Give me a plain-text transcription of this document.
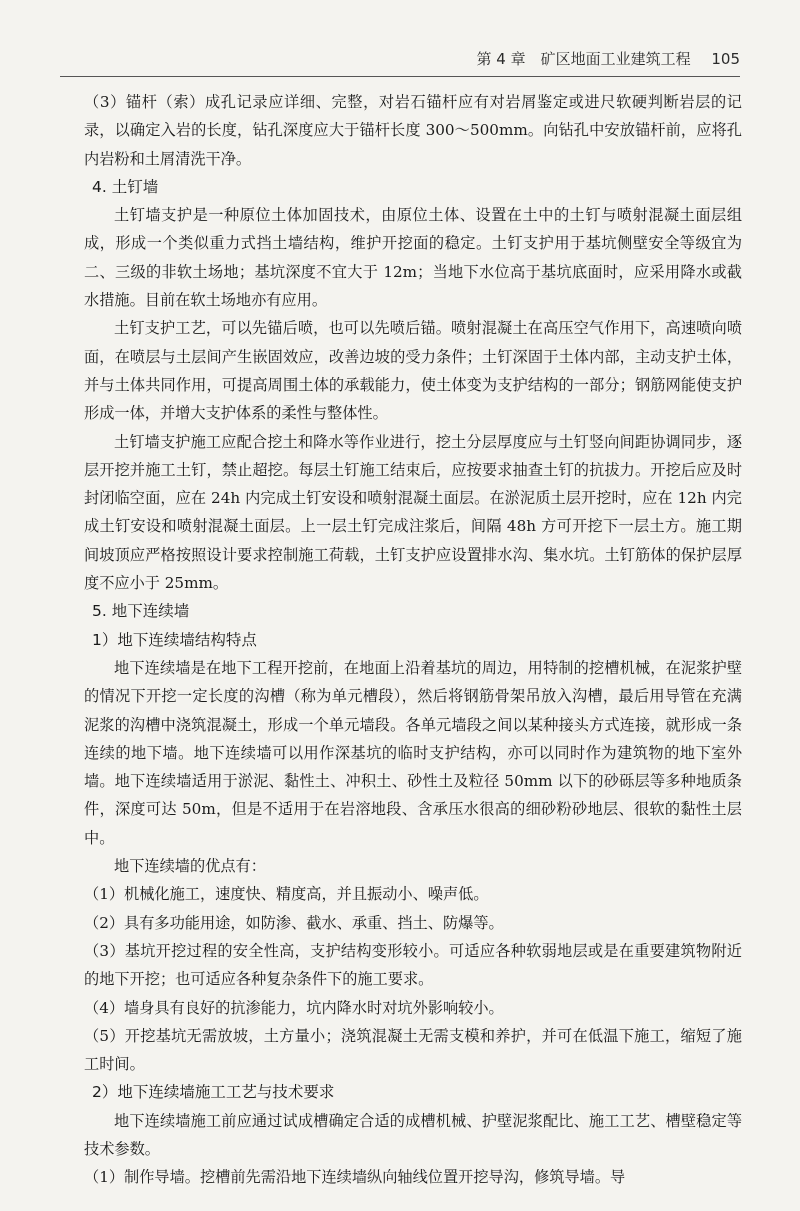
第 4 章　矿区地面工业建筑工程 105

（3）锚杆（索）成孔记录应详细、完整，对岩石锚杆应有对岩屑鉴定或进尺软硬判断岩层的记录，以确定入岩的长度，钻孔深度应大于锚杆长度 300～500mm。向钻孔中安放锚杆前，应将孔内岩粉和土屑清洗干净。

4. 土钉墙

土钉墙支护是一种原位土体加固技术，由原位土体、设置在土中的土钉与喷射混凝土面层组成，形成一个类似重力式挡土墙结构，维护开挖面的稳定。土钉支护用于基坑侧壁安全等级宜为二、三级的非软土场地；基坑深度不宜大于 12m；当地下水位高于基坑底面时，应采用降水或截水措施。目前在软土场地亦有应用。

土钉支护工艺，可以先锚后喷，也可以先喷后锚。喷射混凝土在高压空气作用下，高速喷向喷面，在喷层与土层间产生嵌固效应，改善边坡的受力条件；土钉深固于土体内部，主动支护土体，并与土体共同作用，可提高周围土体的承载能力，使土体变为支护结构的一部分；钢筋网能使支护形成一体，并增大支护体系的柔性与整体性。

土钉墙支护施工应配合挖土和降水等作业进行，挖土分层厚度应与土钉竖向间距协调同步，逐层开挖并施工土钉，禁止超挖。每层土钉施工结束后，应按要求抽查土钉的抗拔力。开挖后应及时封闭临空面，应在 24h 内完成土钉安设和喷射混凝土面层。在淤泥质土层开挖时，应在 12h 内完成土钉安设和喷射混凝土面层。上一层土钉完成注浆后，间隔 48h 方可开挖下一层土方。施工期间坡顶应严格按照设计要求控制施工荷载，土钉支护应设置排水沟、集水坑。土钉筋体的保护层厚度不应小于 25mm。

5. 地下连续墙
1）地下连续墙结构特点

地下连续墙是在地下工程开挖前，在地面上沿着基坑的周边，用特制的挖槽机械，在泥浆护壁的情况下开挖一定长度的沟槽（称为单元槽段），然后将钢筋骨架吊放入沟槽，最后用导管在充满泥浆的沟槽中浇筑混凝土，形成一个单元墙段。各单元墙段之间以某种接头方式连接，就形成一条连续的地下墙。地下连续墙可以用作深基坑的临时支护结构，亦可以同时作为建筑物的地下室外墙。地下连续墙适用于淤泥、黏性土、冲积土、砂性土及粒径 50mm 以下的砂砾层等多种地质条件，深度可达 50m，但是不适用于在岩溶地段、含承压水很高的细砂粉砂地层、很软的黏性土层中。

地下连续墙的优点有：

（1）机械化施工，速度快、精度高，并且振动小、噪声低。

（2）具有多功能用途，如防渗、截水、承重、挡土、防爆等。

（3）基坑开挖过程的安全性高，支护结构变形较小。可适应各种软弱地层或是在重要建筑物附近的地下开挖；也可适应各种复杂条件下的施工要求。

（4）墙身具有良好的抗渗能力，坑内降水时对坑外影响较小。

（5）开挖基坑无需放坡，土方量小；浇筑混凝土无需支模和养护，并可在低温下施工，缩短了施工时间。

2）地下连续墙施工工艺与技术要求

地下连续墙施工前应通过试成槽确定合适的成槽机械、护壁泥浆配比、施工工艺、槽壁稳定等技术参数。

（1）制作导墙。挖槽前先需沿地下连续墙纵向轴线位置开挖导沟，修筑导墙。导
